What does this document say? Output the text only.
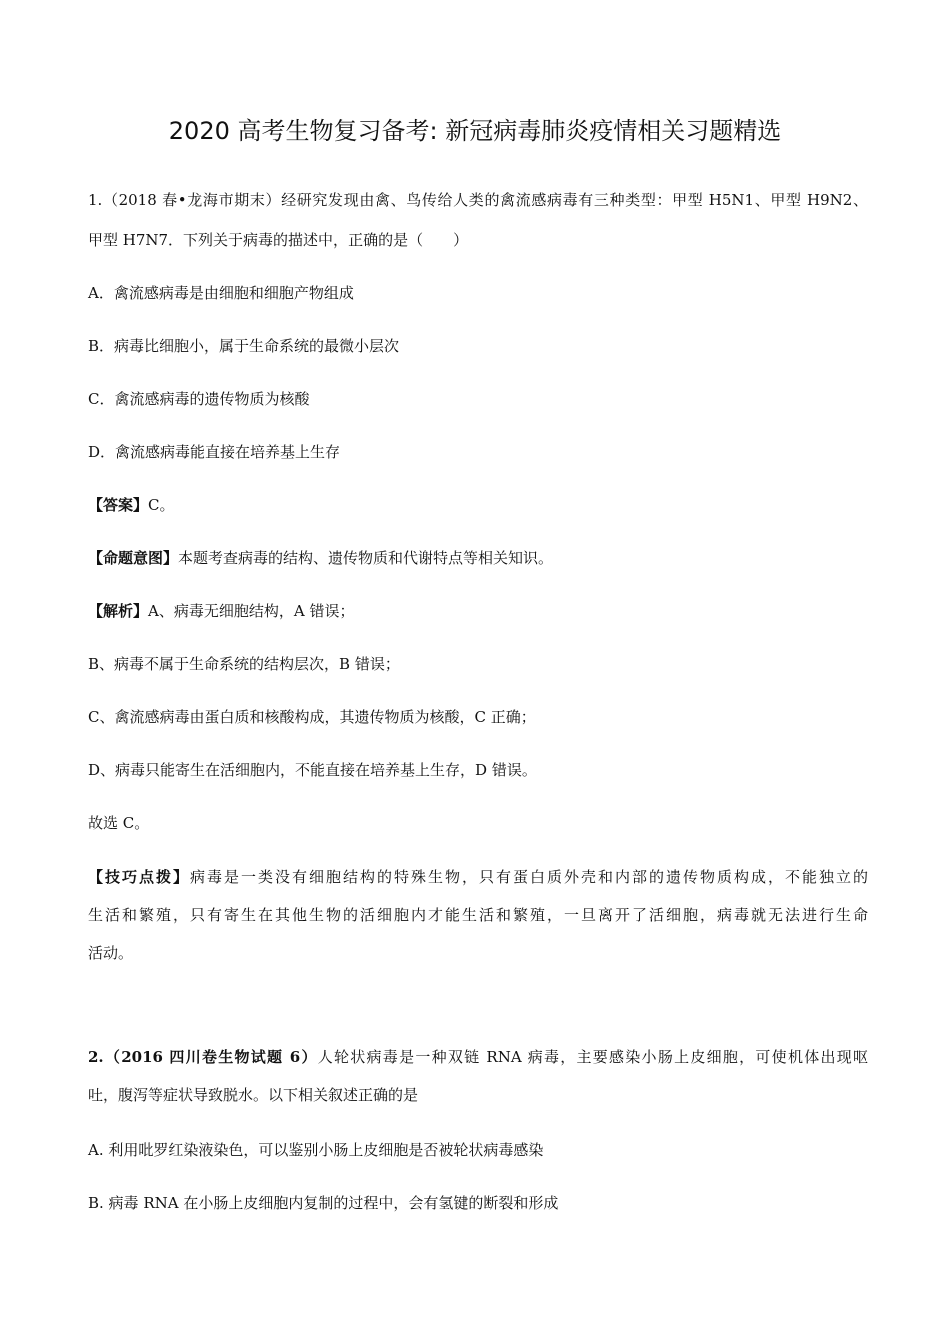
2020 高考生物复习备考: 新冠病毒肺炎疫情相关习题精选
1.（2018 春•龙海市期末）经研究发现由禽、鸟传给人类的禽流感病毒有三种类型：甲型 H5N1、甲型 H9N2、
甲型 H7N7．下列关于病毒的描述中，正确的是（　　）
A．禽流感病毒是由细胞和细胞产物组成
B．病毒比细胞小，属于生命系统的最微小层次
C．禽流感病毒的遗传物质为核酸
D．禽流感病毒能直接在培养基上生存
【答案】C。
【命题意图】本题考查病毒的结构、遗传物质和代谢特点等相关知识。
【解析】A、病毒无细胞结构，A 错误；
B、病毒不属于生命系统的结构层次，B 错误；
C、禽流感病毒由蛋白质和核酸构成，其遗传物质为核酸，C 正确；
D、病毒只能寄生在活细胞内，不能直接在培养基上生存，D 错误。
故选 C。
【技巧点拨】病毒是一类没有细胞结构的特殊生物，只有蛋白质外壳和内部的遗传物质构成，不能独立的
生活和繁殖，只有寄生在其他生物的活细胞内才能生活和繁殖，一旦离开了活细胞，病毒就无法进行生命
活动。
2.（2016 四川卷生物试题 6）人轮状病毒是一种双链 RNA 病毒，主要感染小肠上皮细胞，可使机体出现呕
吐，腹泻等症状导致脱水。以下相关叙述正确的是
A. 利用吡罗红染液染色，可以鉴别小肠上皮细胞是否被轮状病毒感染
B. 病毒 RNA 在小肠上皮细胞内复制的过程中，会有氢键的断裂和形成
